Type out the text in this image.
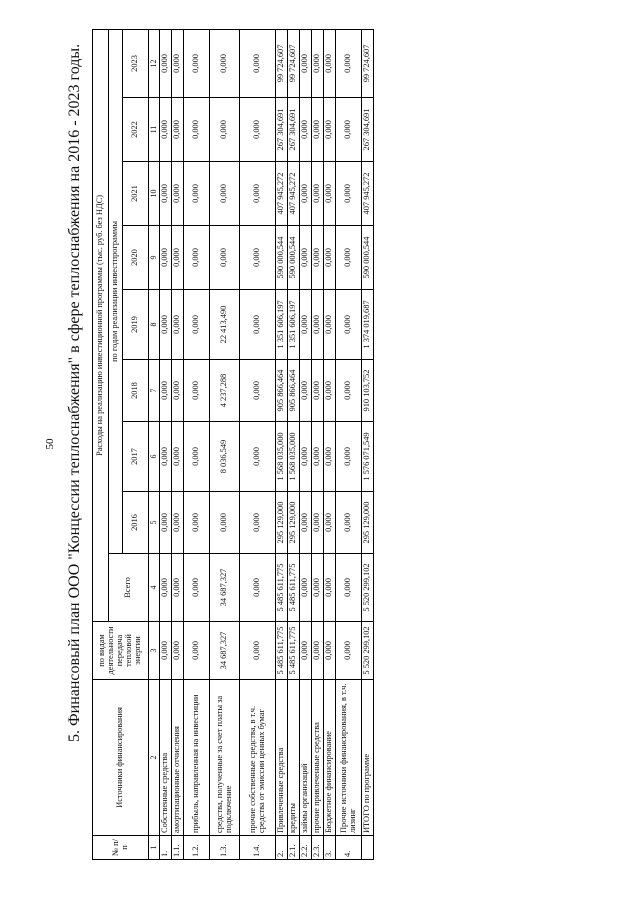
50 5. Финансовый план ООО "Концессии теплоснабжения" в сфере теплоснабжения на 2016 - 2023 годы.
№ п/п	Источники финансирования	по видам деятельности передача тепловой энергии	Расходы на реализацию инвестиционной программы (тыс. руб. без НДС)								
			Всего	по годам реализации инвестпрограммы							
				2016	2017	2018	2019	2020	2021	2022	2023
1	2	3	4	5	6	7	8	9	10	11	12
1.	Собственные средства	0,000	0,000	0,000	0,000	0,000	0,000	0,000	0,000	0,000	0,000
1.1.	амортизационные отчисления	0,000	0,000	0,000	0,000	0,000	0,000	0,000	0,000	0,000	0,000
1.2.	прибыль, направленная на инвестиции	0,000	0,000	0,000	0,000	0,000	0,000	0,000	0,000	0,000	0,000
1.3.	средства, полученные за счет платы за подключение	34 687,327	34 687,327	0,000	8 036,549	4 237,288	22 413,490	0,000	0,000	0,000	0,000
1.4.	прочие собственные средства, в т.ч. средства от эмиссии ценных бумаг	0,000	0,000	0,000	0,000	0,000	0,000	0,000	0,000	0,000	0,000
2.	Привлеченные средства	5 485 611,775	5 485 611,775	295 129,000	1 568 035,000	905 866,464	1 351 606,197	590 000,544	407 945,272	267 304,691	99 724,607
2.1.	кредиты	5 485 611,775	5 485 611,775	295 129,000	1 568 035,000	905 866,464	1 351 606,197	590 000,544	407 945,272	267 304,691	99 724,607
2.2.	займы организаций	0,000	0,000	0,000	0,000	0,000	0,000	0,000	0,000	0,000	0,000
2.3.	прочие привлеченные средства	0,000	0,000	0,000	0,000	0,000	0,000	0,000	0,000	0,000	0,000
3.	Бюджетное финансирование	0,000	0,000	0,000	0,000	0,000	0,000	0,000	0,000	0,000	0,000
4.	Прочие источники финансирования, в т.ч. лизинг	0,000	0,000	0,000	0,000	0,000	0,000	0,000	0,000	0,000	0,000
	ИТОГО по программе	5 520 299,102	5 520 299,102	295 129,000	1 576 071,549	910 103,752	1 374 019,687	590 000,544	407 945,272	267 304,691	99 724,607
